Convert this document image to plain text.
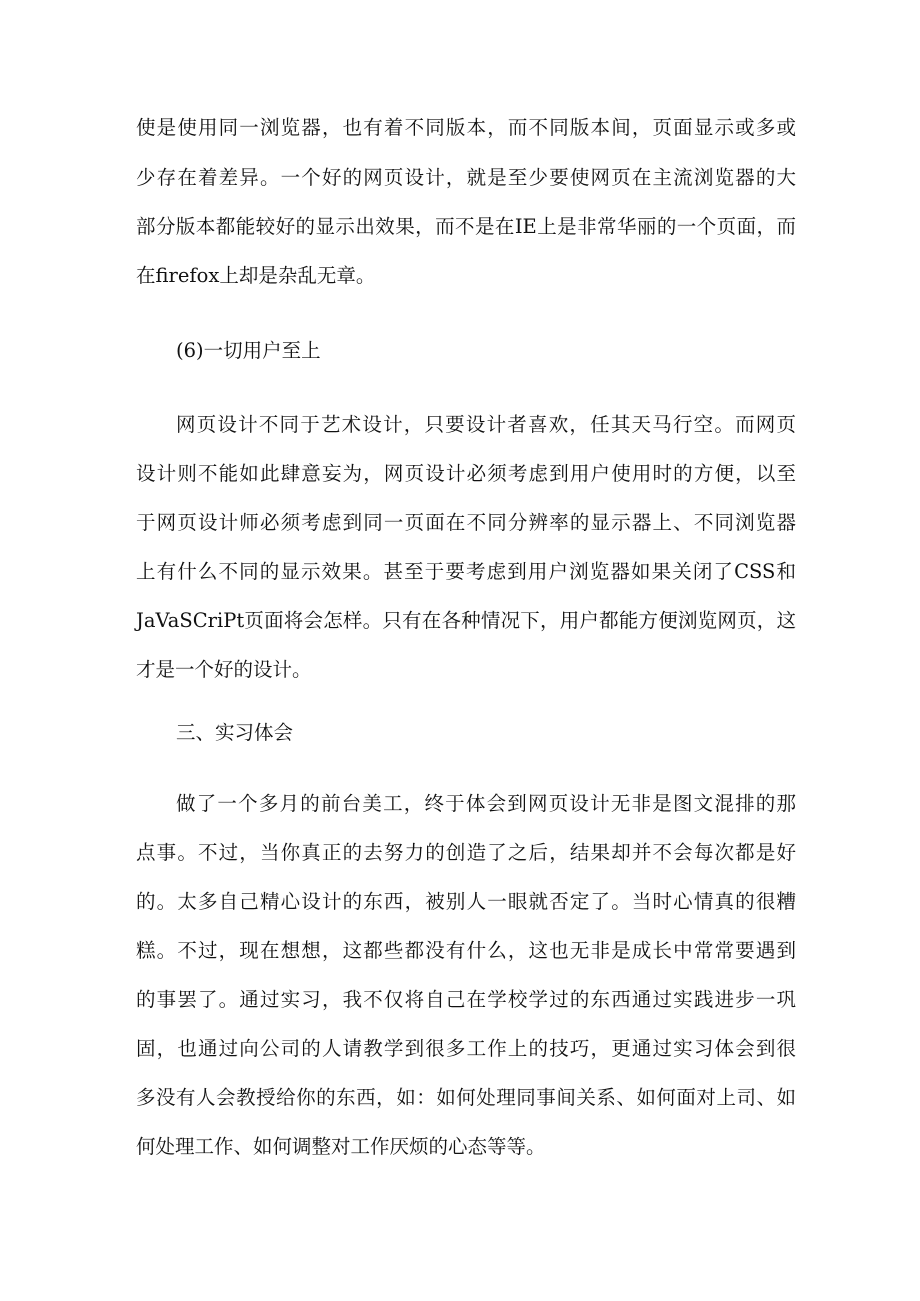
使是使用同一浏览器，也有着不同版本，而不同版本间，页面显示或多或

少存在着差异。一个好的网页设计，就是至少要使网页在主流浏览器的大

部分版本都能较好的显示出效果，而不是在IE上是非常华丽的一个页面，而

在firefox上却是杂乱无章。

(6)一切用户至上

网页设计不同于艺术设计，只要设计者喜欢，任其天马行空。而网页

设计则不能如此肆意妄为，网页设计必须考虑到用户使用时的方便，以至

于网页设计师必须考虑到同一页面在不同分辨率的显示器上、不同浏览器

上有什么不同的显示效果。甚至于要考虑到用户浏览器如果关闭了CSS和

JaVaSCriPt页面将会怎样。只有在各种情况下，用户都能方便浏览网页，这

才是一个好的设计。

三、实习体会

做了一个多月的前台美工，终于体会到网页设计无非是图文混排的那

点事。不过，当你真正的去努力的创造了之后，结果却并不会每次都是好

的。太多自己精心设计的东西，被别人一眼就否定了。当时心情真的很糟

糕。不过，现在想想，这都些都没有什么，这也无非是成长中常常要遇到

的事罢了。通过实习，我不仅将自己在学校学过的东西通过实践进步一巩

固，也通过向公司的人请教学到很多工作上的技巧，更通过实习体会到很

多没有人会教授给你的东西，如：如何处理同事间关系、如何面对上司、如

何处理工作、如何调整对工作厌烦的心态等等。
